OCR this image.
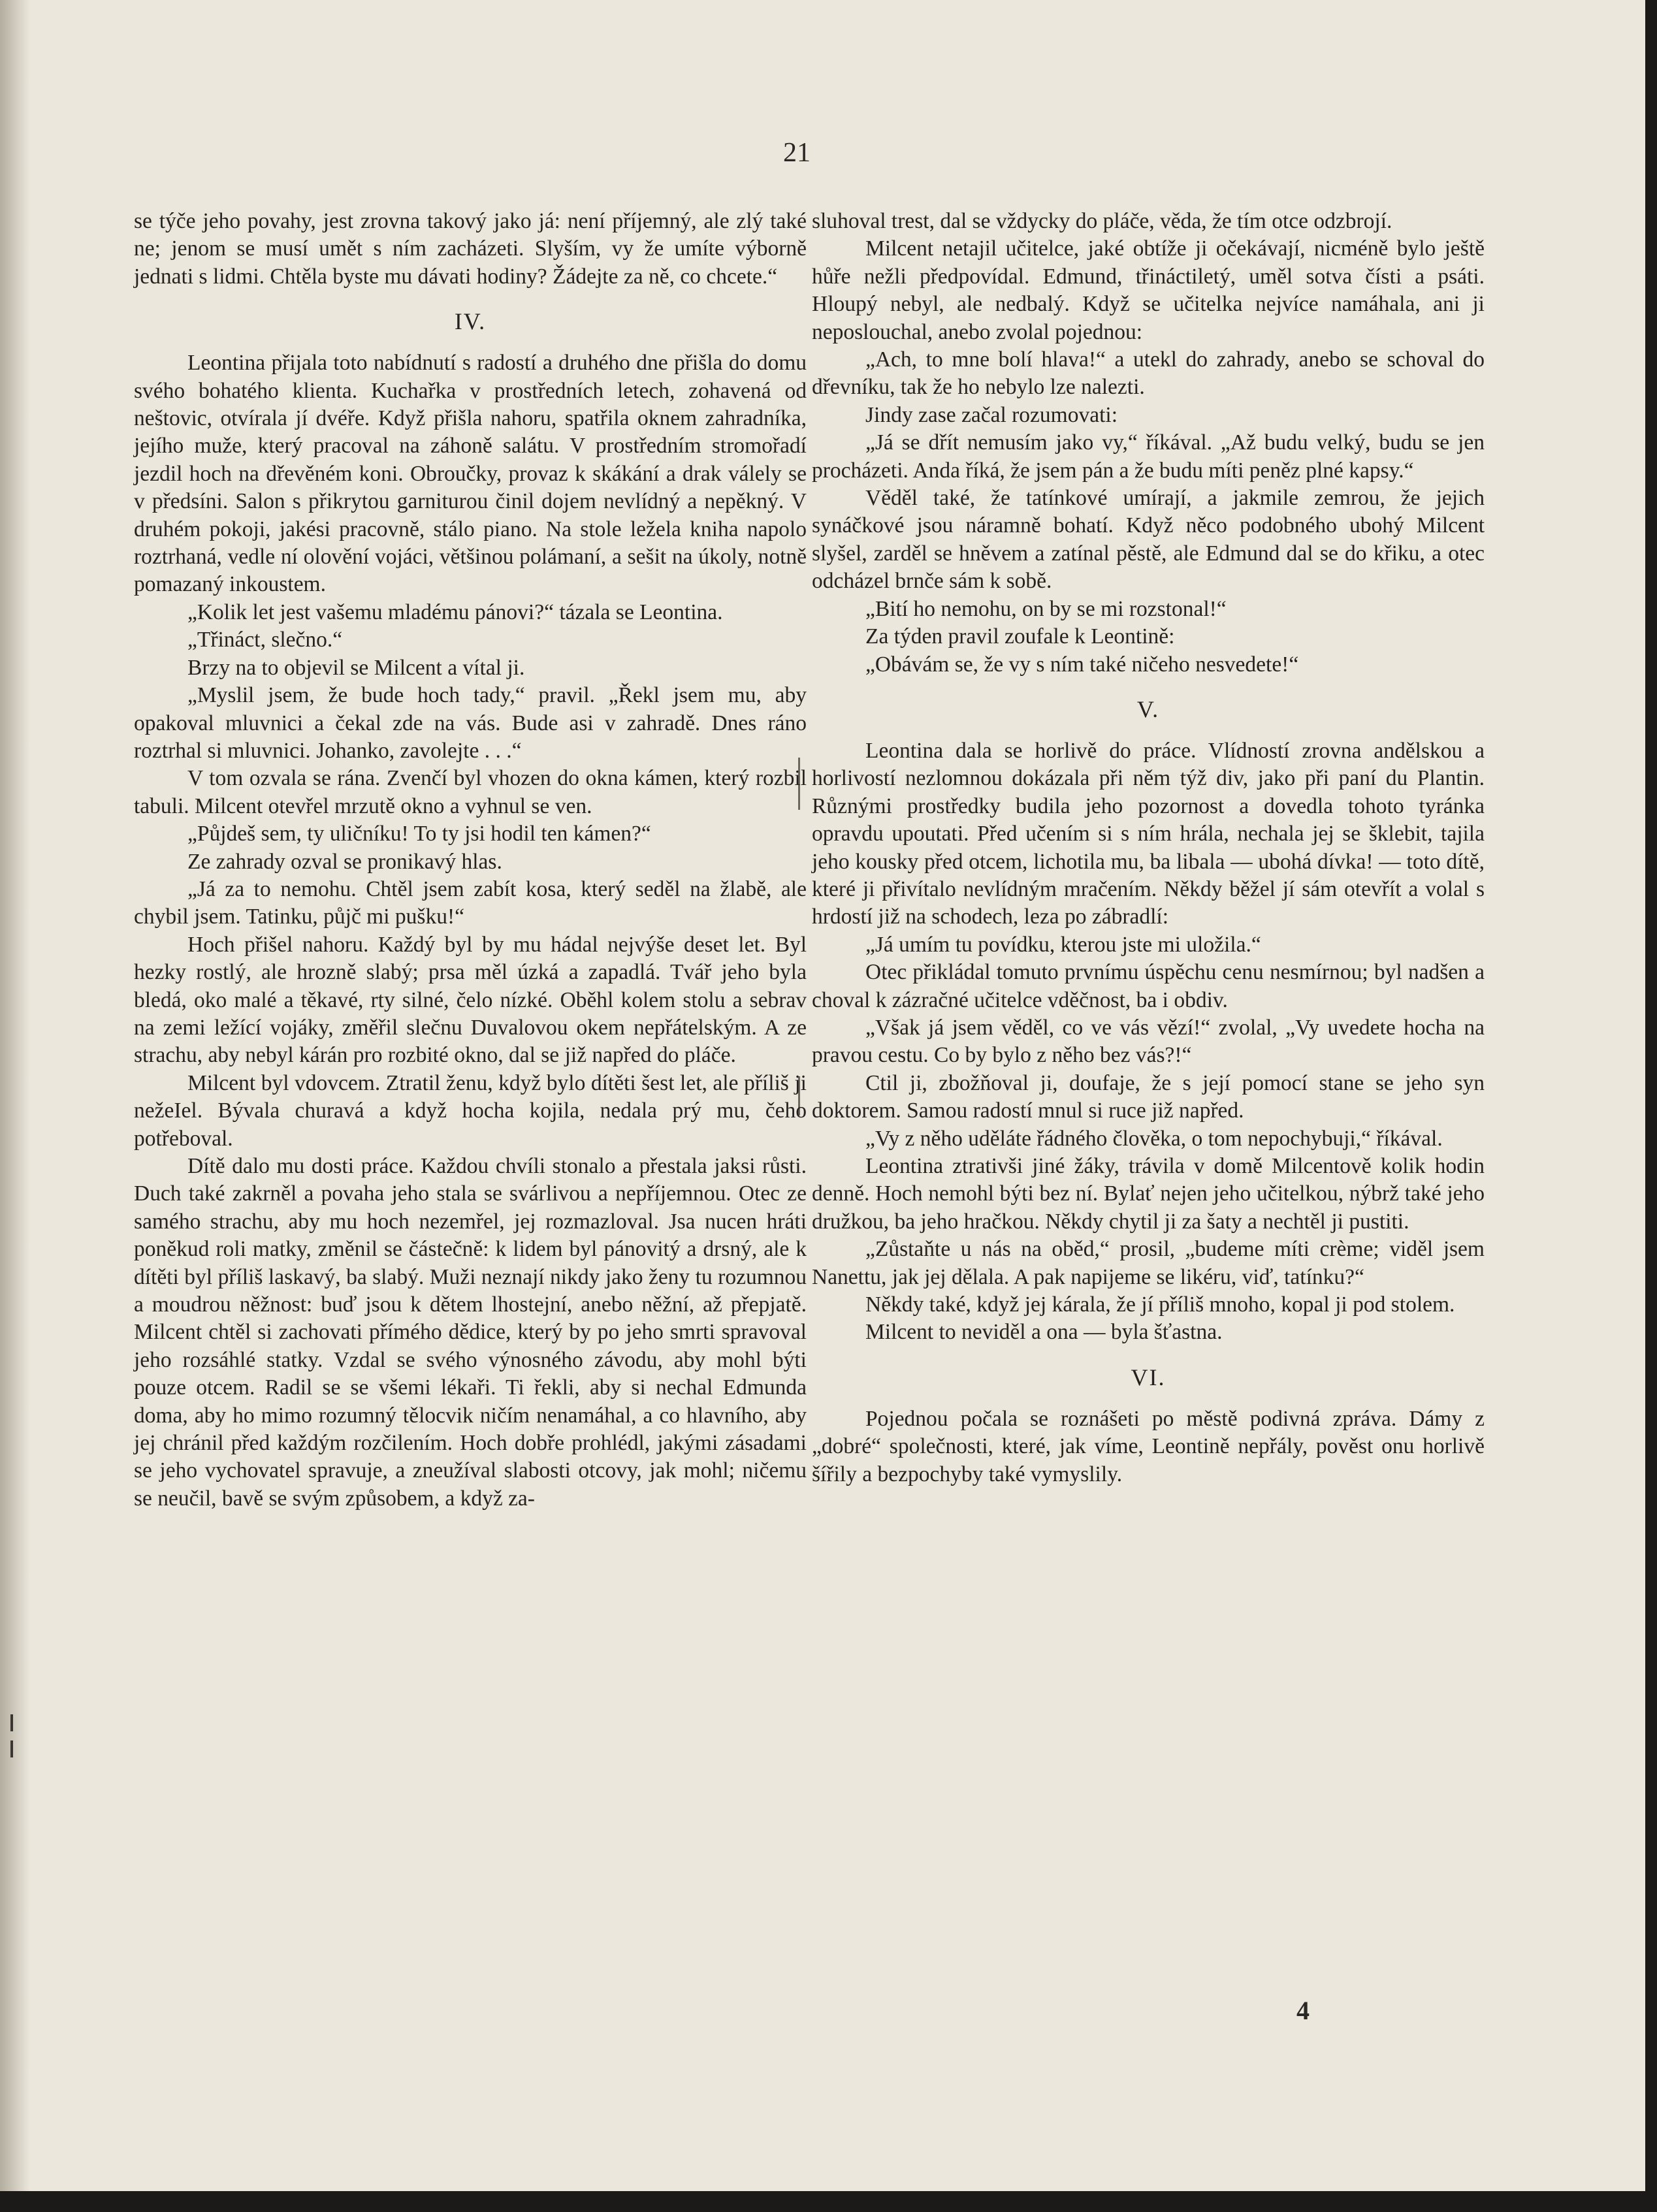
21

se týče jeho povahy, jest zrovna takový jako já: není příjemný, ale zlý také ne; jenom se musí umět s ním zacházeti. Slyším, vy že umíte výborně jednati s lidmi. Chtěla byste mu dávati hodiny? Žádejte za ně, co chcete.“

IV.

Leontina přijala toto nabídnutí s radostí a druhého dne přišla do domu svého bohatého klienta. Kuchařka v prostředních letech, zohavená od neštovic, otvírala jí dvéře. Když přišla nahoru, spatřila oknem zahradníka, jejího muže, který pracoval na záhoně salátu. V prostředním stromořadí jezdil hoch na dřevěném koni. Obroučky, provaz k skákání a drak válely se v předsíni. Salon s přikrytou garniturou činil dojem nevlídný a nepěkný. V druhém pokoji, jakési pracovně, stálo piano. Na stole ležela kniha napolo roztrhaná, vedle ní olovění vojáci, většinou polámaní, a sešit na úkoly, notně pomazaný inkoustem.

„Kolik let jest vašemu mladému pánovi?“ tázala se Leontina.

„Třináct, slečno.“

Brzy na to objevil se Milcent a vítal ji.

„Myslil jsem, že bude hoch tady,“ pravil. „Řekl jsem mu, aby opakoval mluvnici a čekal zde na vás. Bude asi v zahradě. Dnes ráno roztrhal si mluvnici. Johanko, zavolejte . . .“

V tom ozvala se rána. Zvenčí byl vhozen do okna kámen, který rozbil tabuli. Milcent otevřel mrzutě okno a vyhnul se ven.

„Půjdeš sem, ty uličníku! To ty jsi hodil ten kámen?“

Ze zahrady ozval se pronikavý hlas.

„Já za to nemohu. Chtěl jsem zabít kosa, který seděl na žlabě, ale chybil jsem. Tatinku, půjč mi pušku!“

Hoch přišel nahoru. Každý byl by mu hádal nejvýše deset let. Byl hezky rostlý, ale hrozně slabý; prsa měl úzká a zapadlá. Tvář jeho byla bledá, oko malé a těkavé, rty silné, čelo nízké. Oběhl kolem stolu a sebrav na zemi ležící vojáky, změřil slečnu Duvalovou okem nepřátelským. A ze strachu, aby nebyl kárán pro rozbité okno, dal se již napřed do pláče.

Milcent byl vdovcem. Ztratil ženu, když bylo dítěti šest let, ale příliš ji nežeIel. Bývala churavá a když hocha kojila, nedala prý mu, čeho potřeboval.

Dítě dalo mu dosti práce. Každou chvíli stonalo a přestala jaksi růsti. Duch také zakrněl a povaha jeho stala se svárlivou a nepříjemnou. Otec ze samého strachu, aby mu hoch nezemřel, jej rozmazloval. Jsa nucen hráti poněkud roli matky, změnil se částečně: k lidem byl pánovitý a drsný, ale k dítěti byl příliš laskavý, ba slabý. Muži neznají nikdy jako ženy tu rozumnou a moudrou něžnost: buď jsou k dětem lhostejní, anebo něžní, až přepjatě. Milcent chtěl si zachovati přímého dědice, který by po jeho smrti spravoval jeho rozsáhlé statky. Vzdal se svého výnosného závodu, aby mohl býti pouze otcem. Radil se se všemi lékaři. Ti řekli, aby si nechal Edmunda doma, aby ho mimo rozumný tělocvik ničím nenamáhal, a co hlavního, aby jej chránil před každým rozčilením. Hoch dobře prohlédl, jakými zásadami se jeho vychovatel spravuje, a zneužíval slabosti otcovy, jak mohl; ničemu se neučil, bavě se svým způsobem, a když za-

sluhoval trest, dal se vždycky do pláče, věda, že tím otce odzbrojí.

Milcent netajil učitelce, jaké obtíže ji očekávají, nicméně bylo ještě hůře nežli předpovídal. Edmund, třináctiletý, uměl sotva čísti a psáti. Hloupý nebyl, ale nedbalý. Když se učitelka nejvíce namáhala, ani ji neposlouchal, anebo zvolal pojednou:

„Ach, to mne bolí hlava!“ a utekl do zahrady, anebo se schoval do dřevníku, tak že ho nebylo lze nalezti.

Jindy zase začal rozumovati:

„Já se dřít nemusím jako vy,“ říkával. „Až budu velký, budu se jen procházeti. Anda říká, že jsem pán a že budu míti peněz plné kapsy.“

Věděl také, že tatínkové umírají, a jakmile zemrou, že jejich synáčkové jsou náramně bohatí. Když něco podobného ubohý Milcent slyšel, zarděl se hněvem a zatínal pěstě, ale Edmund dal se do křiku, a otec odcházel brnče sám k sobě.

„Bití ho nemohu, on by se mi rozstonal!“

Za týden pravil zoufale k Leontině:

„Obávám se, že vy s ním také ničeho nesvedete!“

V.

Leontina dala se horlivě do práce. Vlídností zrovna andělskou a horlivostí nezlomnou dokázala při něm týž div, jako při paní du Plantin. Různými prostředky budila jeho pozornost a dovedla tohoto tyránka opravdu upoutati. Před učením si s ním hrála, nechala jej se šklebit, tajila jeho kousky před otcem, lichotila mu, ba libala — ubohá dívka! — toto dítě, které ji přivítalo nevlídným mračením. Někdy běžel jí sám otevřít a volal s hrdostí již na schodech, leza po zábradlí:

„Já umím tu povídku, kterou jste mi uložila.“

Otec přikládal tomuto prvnímu úspěchu cenu nesmírnou; byl nadšen a choval k zázračné učitelce vděčnost, ba i obdiv.

„Však já jsem věděl, co ve vás vězí!“ zvolal, „Vy uvedete hocha na pravou cestu. Co by bylo z něho bez vás?!“

Ctil ji, zbožňoval ji, doufaje, že s její pomocí stane se jeho syn doktorem. Samou radostí mnul si ruce již napřed.

„Vy z něho uděláte řádného člověka, o tom nepochybuji,“ říkával.

Leontina ztrativši jiné žáky, trávila v domě Milcentově kolik hodin denně. Hoch nemohl býti bez ní. Bylať nejen jeho učitelkou, nýbrž také jeho družkou, ba jeho hračkou. Někdy chytil ji za šaty a nechtěl ji pustiti.

„Zůstaňte u nás na oběd,“ prosil, „budeme míti crème; viděl jsem Nanettu, jak jej dělala. A pak napijeme se likéru, viď, tatínku?“

Někdy také, když jej kárala, že jí příliš mnoho, kopal ji pod stolem.

Milcent to neviděl a ona — byla šťastna.

VI.

Pojednou počala se roznášeti po městě podivná zpráva. Dámy z „dobré“ společnosti, které, jak víme, Leontině nepřály, pověst onu horlivě šířily a bezpochyby také vymyslily.

4
